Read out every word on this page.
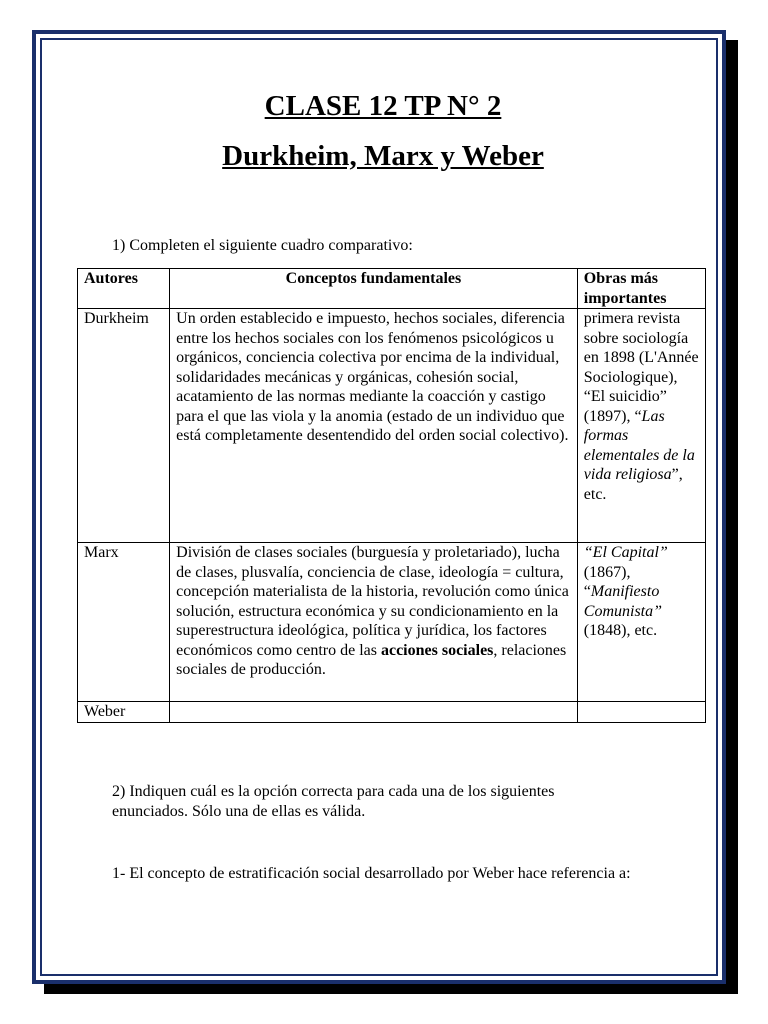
CLASE 12 TP N° 2
Durkheim, Marx y Weber
1) Completen el siguiente cuadro comparativo:
Autores	Conceptos fundamentales	Obras más importantes
Durkheim	Un orden establecido e impuesto, hechos sociales, diferencia entre los hechos sociales con los fenómenos psicológicos u orgánicos, conciencia colectiva por encima de la individual, solidaridades mecánicas y orgánicas, cohesión social, acatamiento de las normas mediante la coacción y castigo para el que las viola y la anomia (estado de un individuo que está completamente desentendido del orden social colectivo).	primera revista sobre sociología en 1898 (L'Année Sociologique), “El suicidio” (1897), “Las formas elementales de la vida religiosa”, etc.
Marx	División de clases sociales (burguesía y proletariado), lucha de clases, plusvalía, conciencia de clase, ideología = cultura, concepción materialista de la historia, revolución como única solución, estructura económica y su condicionamiento en la superestructura ideológica, política y jurídica, los factores económicos como centro de las acciones sociales, relaciones sociales de producción.	“El Capital” (1867), “Manifiesto Comunista” (1848), etc.
Weber		
2) Indiquen cuál es la opción correcta para cada una de los siguientes enunciados. Sólo una de ellas es válida.
1- El concepto de estratificación social desarrollado por Weber hace referencia a:
